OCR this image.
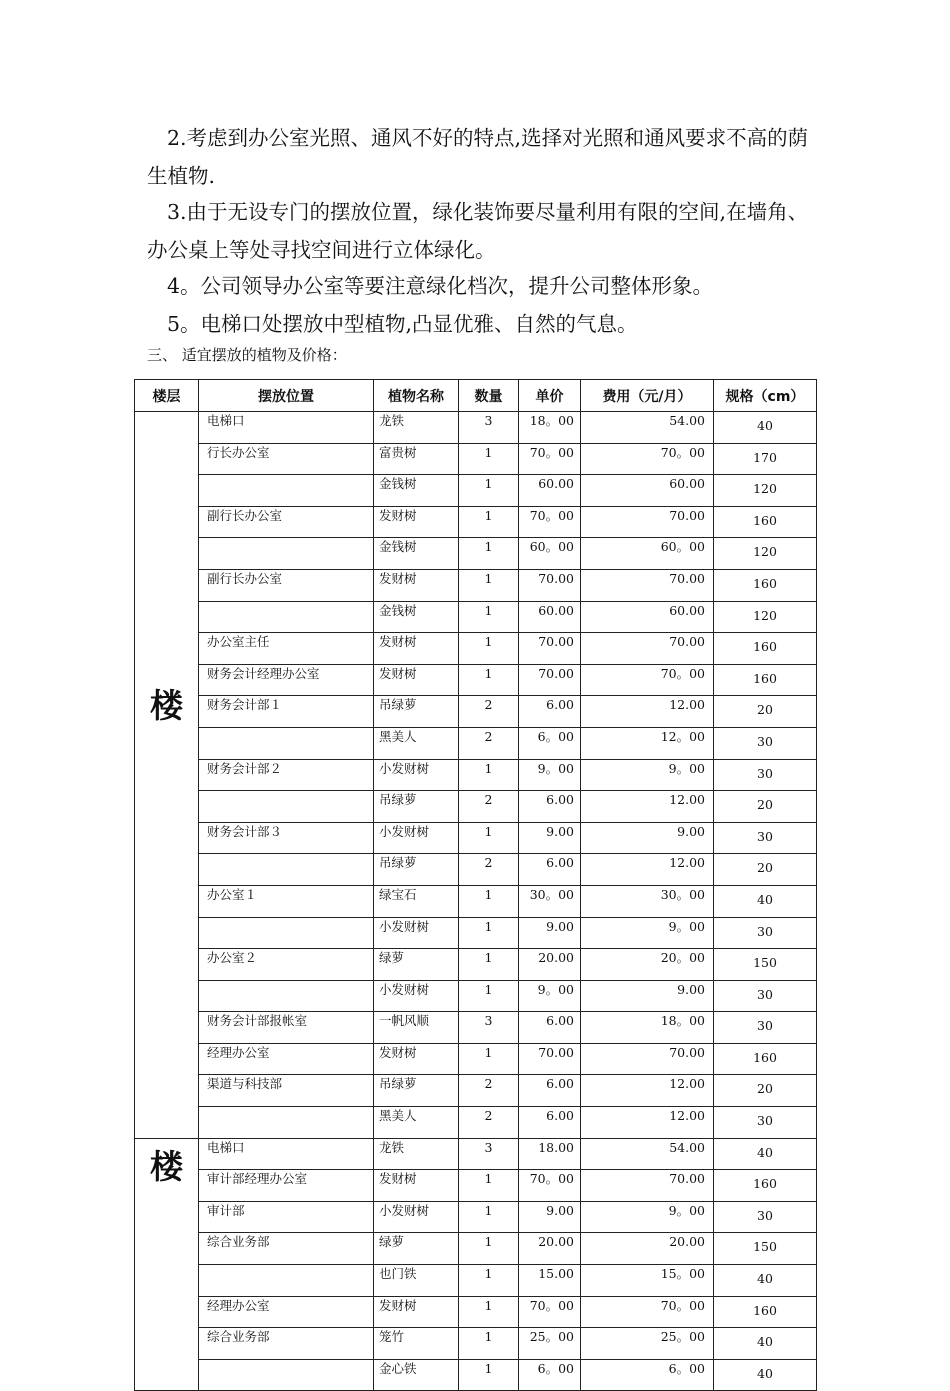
2.考虑到办公室光照、通风不好的特点,选择对光照和通风要求不高的荫生植物.

3.由于无设专门的摆放位置，绿化装饰要尽量利用有限的空间,在墙角、办公桌上等处寻找空间进行立体绿化。

4。公司领导办公室等要注意绿化档次，提升公司整体形象。

5。电梯口处摆放中型植物,凸显优雅、自然的气息。

三、 适宜摆放的植物及价格：
楼层	摆放位置	植物名称	数量	单价	费用（元/月）	规格（cm）

楼	电梯口	龙铁	3	18。00	54.00	40
	行长办公室	富贵树	1	70。00	70。00	170
		金钱树	1	60.00	60.00	120
	副行长办公室	发财树	1	70。00	70.00	160
		金钱树	1	60。00	60。00	120
	副行长办公室	发财树	1	70.00	70.00	160
		金钱树	1	60.00	60.00	120
	办公室主任	发财树	1	70.00	70.00	160
	财务会计经理办公室	发财树	1	70.00	70。00	160
	财务会计部１	吊绿萝	2	6.00	12.00	20
		黑美人	2	6。00	12。00	30
	财务会计部２	小发财树	1	9。00	9。00	30
		吊绿萝	2	6.00	12.00	20
	财务会计部３	小发财树	1	9.00	9.00	30
		吊绿萝	2	6.00	12.00	20
	办公室１	绿宝石	1	30。00	30。00	40
		小发财树	1	9.00	9。00	30
	办公室２	绿萝	1	20.00	20。00	150
		小发财树	1	9。00	9.00	30
	财务会计部报帐室	一帆风顺	3	6.00	18。00	30
	经理办公室	发财树	1	70.00	70.00	160
	渠道与科技部	吊绿萝	2	6.00	12.00	20
		黑美人	2	6.00	12.00	30

楼	电梯口	龙铁	3	18.00	54.00	40
	审计部经理办公室	发财树	1	70。00	70.00	160
	审计部	小发财树	1	9.00	9。00	30
	综合业务部	绿萝	1	20.00	20.00	150
		也门铁	1	15.00	15。00	40
	经理办公室	发财树	1	70。00	70。00	160
	综合业务部	笼竹	1	25。00	25。00	40
		金心铁	1	6。00	6。00	40
